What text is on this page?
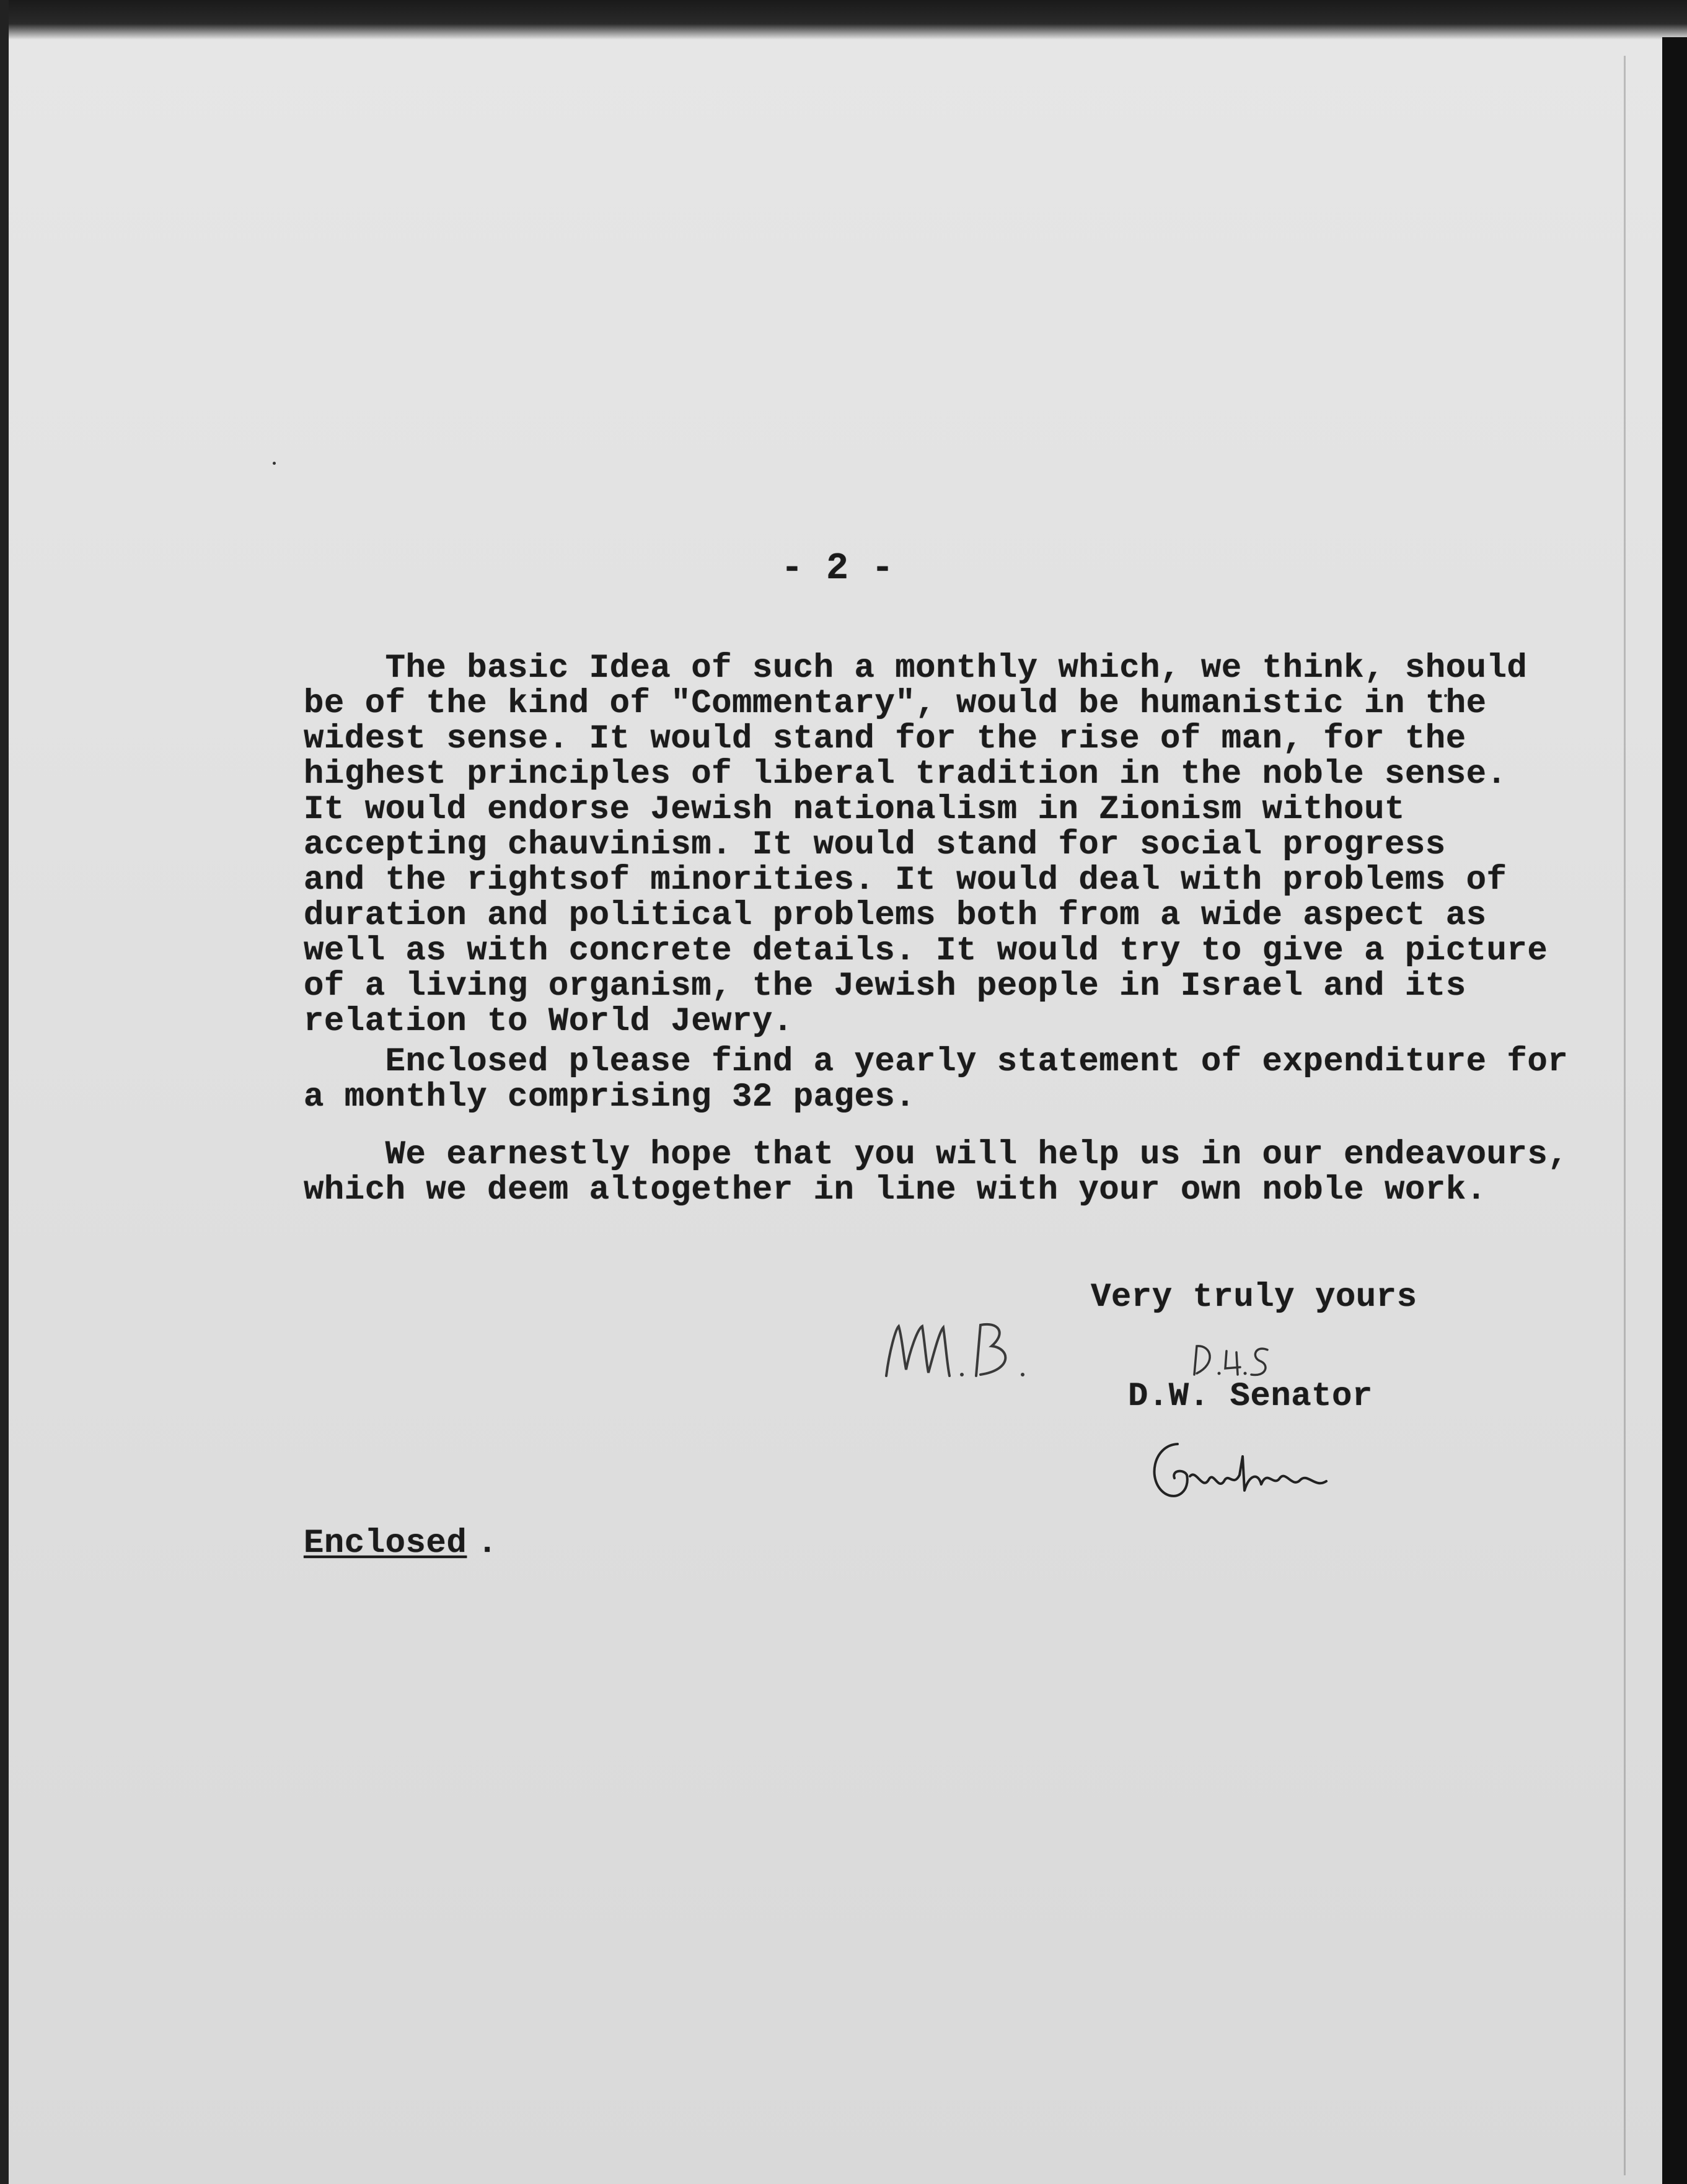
- 2 -

The basic Idea of such a monthly which, we think, should
be of the kind of "Commentary", would be humanistic in the
widest sense. It would stand for the rise of man, for the
highest principles of liberal tradition in the noble sense.
It would endorse Jewish nationalism in Zionism without
accepting chauvinism. It would stand for social progress
and the rightsof minorities. It would deal with problems of
duration and political problems both from a wide aspect as
well as with concrete details. It would try to give a picture
of a living organism, the Jewish people in Israel and its
relation to World Jewry.

Enclosed please find a yearly statement of expenditure for
a monthly comprising 32 pages.

We earnestly hope that you will help us in our endeavours,
which we deem altogether in line with your own noble work.

Very truly yours

D.W. Senator

Enclosed .
